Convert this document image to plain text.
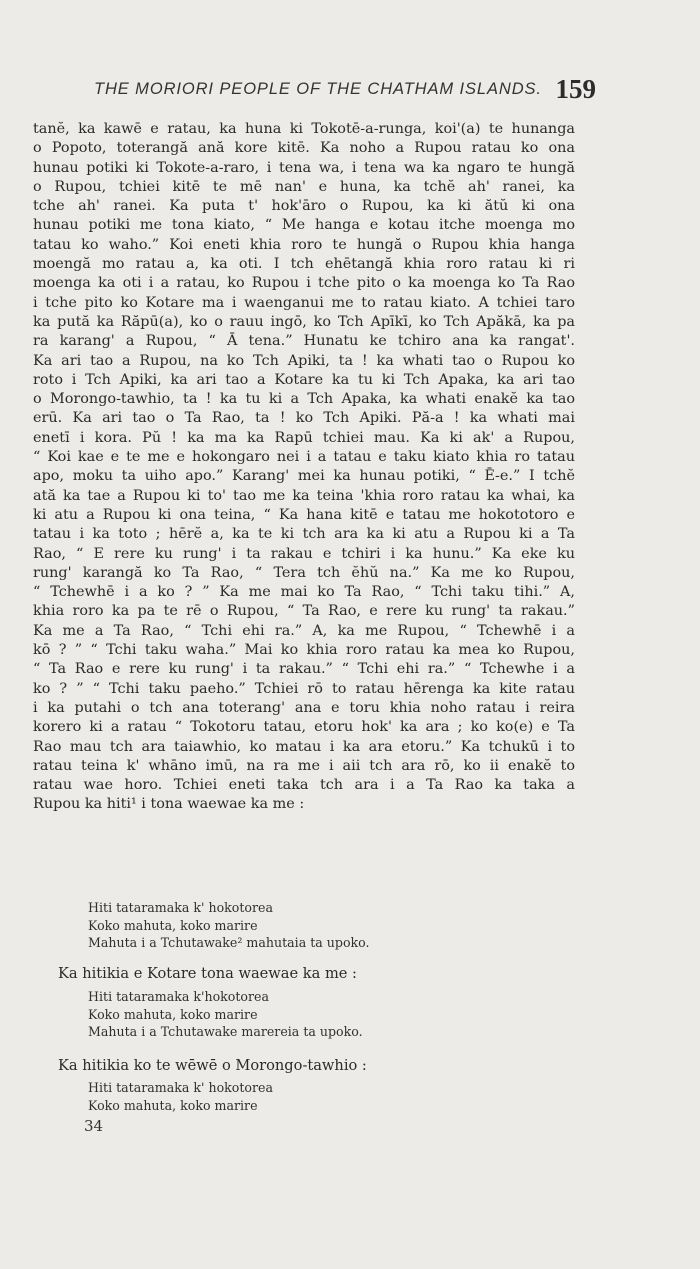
THE MORIORI PEOPLE OF THE CHATHAM ISLANDS. 159
tanĕ, ka kawē e ratau, ka huna ki Tokotē-a-runga, koi'(a) te hunanga
o Popoto, toterangă ană kore kitē. Ka noho a Rupou ratau ko ona
hunau potiki ki Tokote-a-raro, i tena wa, i tena wa ka ngaro te hungă
o Rupou, tchiei kitē te mē nan' e huna, ka tchĕ ah' ranei, ka
tche ah' ranei. Ka puta t' hok'āro o Rupou, ka ki ătŭ ki ona
hunau potiki me tona kiato, “ Me hanga e kotau itche moenga mo
tatau ko waho.” Koi eneti khia roro te hungă o Rupou khia hanga
moengă mo ratau a, ka oti. I tch ehētangă khia roro ratau ki ri
moenga ka oti i a ratau, ko Rupou i tche pito o ka moenga ko Ta Rao
i tche pito ko Kotare ma i waenganui me to ratau kiato. A tchiei taro
ka pută ka Răpū(a), ko o rauu ingō, ko Tch Apīkī, ko Tch Apăkā, ka pa
ra karang' a Rupou, “ Ā tena.” Hunatu ke tchiro ana ka rangat'.
Ka ari tao a Rupou, na ko Tch Apiki, ta ! ka whati tao o Rupou ko
roto i Tch Apiki, ka ari tao a Kotare ka tu ki Tch Apaka, ka ari tao
o Morongo-tawhio, ta ! ka tu ki a Tch Apaka, ka whati enakĕ ka tao
erū. Ka ari tao o Ta Rao, ta ! ko Tch Apiki. Pă-a ! ka whati mai
enetī i kora. Pŭ ! ka ma ka Rapū tchiei mau. Ka ki ak' a Rupou,
“ Koi kae e te me e hokongaro nei i a tatau e taku kiato khia ro tatau
apo, moku ta uiho apo.” Karang' mei ka hunau potiki, “ Ē-e.” I tchĕ
ată ka tae a Rupou ki to' tao me ka teina 'khia roro ratau ka whai, ka
ki atu a Rupou ki ona teina, “ Ka hana kitē e tatau me hokototoro e
tatau i ka toto ; hērĕ a, ka te ki tch ara ka ki atu a Rupou ki a Ta
Rao, “ E rere ku rung' i ta rakau e tchiri i ka hunu.” Ka eke ku
rung' karangă ko Ta Rao, “ Tera tch ĕhŭ na.” Ka me ko Rupou,
“ Tchewhē i a ko ? ” Ka me mai ko Ta Rao, “ Tchi taku tihi.” A,
khia roro ka pa te rē o Rupou, “ Ta Rao, e rere ku rung' ta rakau.”
Ka me a Ta Rao, “ Tchi ehi ra.” A, ka me Rupou, “ Tchewhē i a
kō ? ” “ Tchi taku waha.” Mai ko khia roro ratau ka mea ko Rupou,
“ Ta Rao e rere ku rung' i ta rakau.” “ Tchi ehi ra.” “ Tchewhe i a
ko ? ” “ Tchi taku paeho.” Tchiei rō to ratau hērenga ka kite ratau
i ka putahi o tch ana toterang' ana e toru khia noho ratau i reira
korero ki a ratau “ Tokotoru tatau, etoru hok' ka ara ; ko ko(e) e Ta
Rao mau tch ara taiawhio, ko matau i ka ara etoru.” Ka tchukū i to
ratau teina k' whāno imū, na ra me i aii tch ara rō, ko ii enakĕ to
ratau wae horo. Tchiei eneti taka tch ara i a Ta Rao ka taka a
Rupou ka hiti¹ i tona waewae ka me :
Hiti tataramaka k' hokotorea
Koko mahuta, koko marire
Mahuta i a Tchutawake² mahutaia ta upoko.
Ka hitikia e Kotare tona waewae ka me :
Hiti tataramaka k'hokotorea
Koko mahuta, koko marire
Mahuta i a Tchutawake marereia ta upoko.
Ka hitikia ko te wēwē o Morongo-tawhio :
Hiti tataramaka k' hokotorea
Koko mahuta, koko marire
34
